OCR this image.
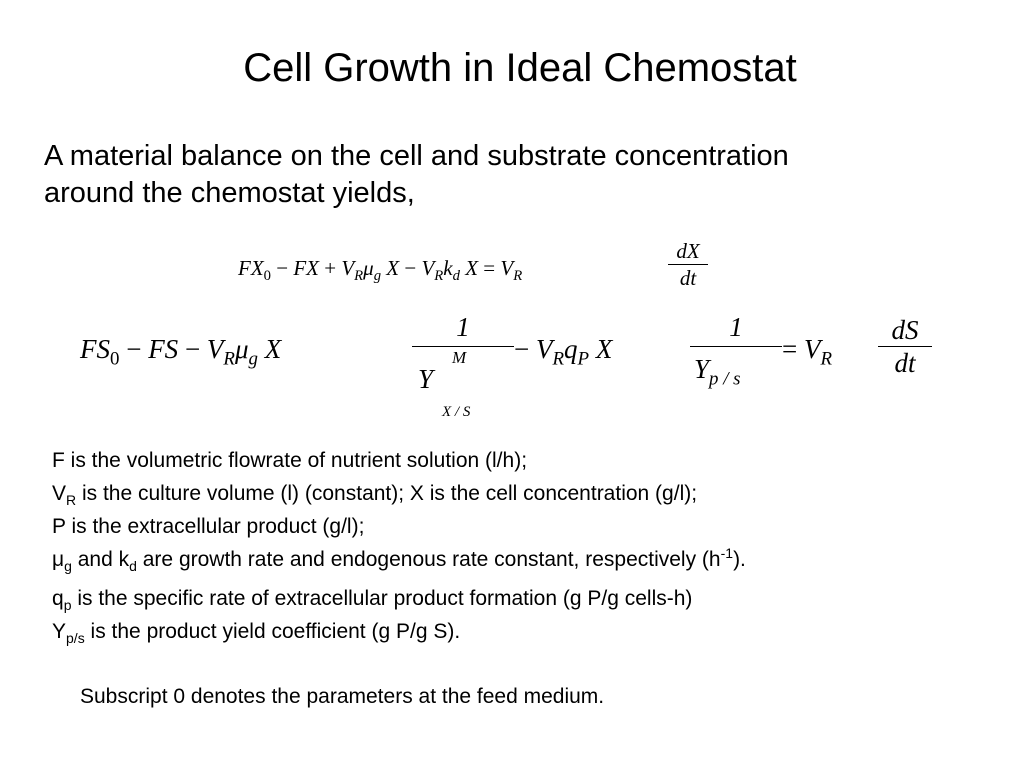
Cell Growth in Ideal Chemostat
A material balance on the cell and substrate concentration
around the chemostat yields,
$FX_0$ − FX + $V_R\mu_g$ $X - V_Rk_d$ $X = V_R$
dX
dt
$FS_0$ − FS − $V_R\mu_g$ X
1
M
Y
X / S
− $V_Rq_P$ X
1
$Y_{p / s}$
= $V_R$
dS
dt
F is the volumetric flowrate of nutrient solution (l/h);
$V_R$ is the culture volume (l) (constant); X is the cell concentration (g/l);
P is the extracellular product (g/l);
$\mu_g$ and $k_d$ are growth rate and endogenous rate constant, respectively $(h^{-1})$.
$q_p$ is the specific rate of extracellular product formation (g P/g cells-h)
$Y_{p/s}$ is the product yield coefficient (g P/g S).
Subscript 0 denotes the parameters at the feed medium.
